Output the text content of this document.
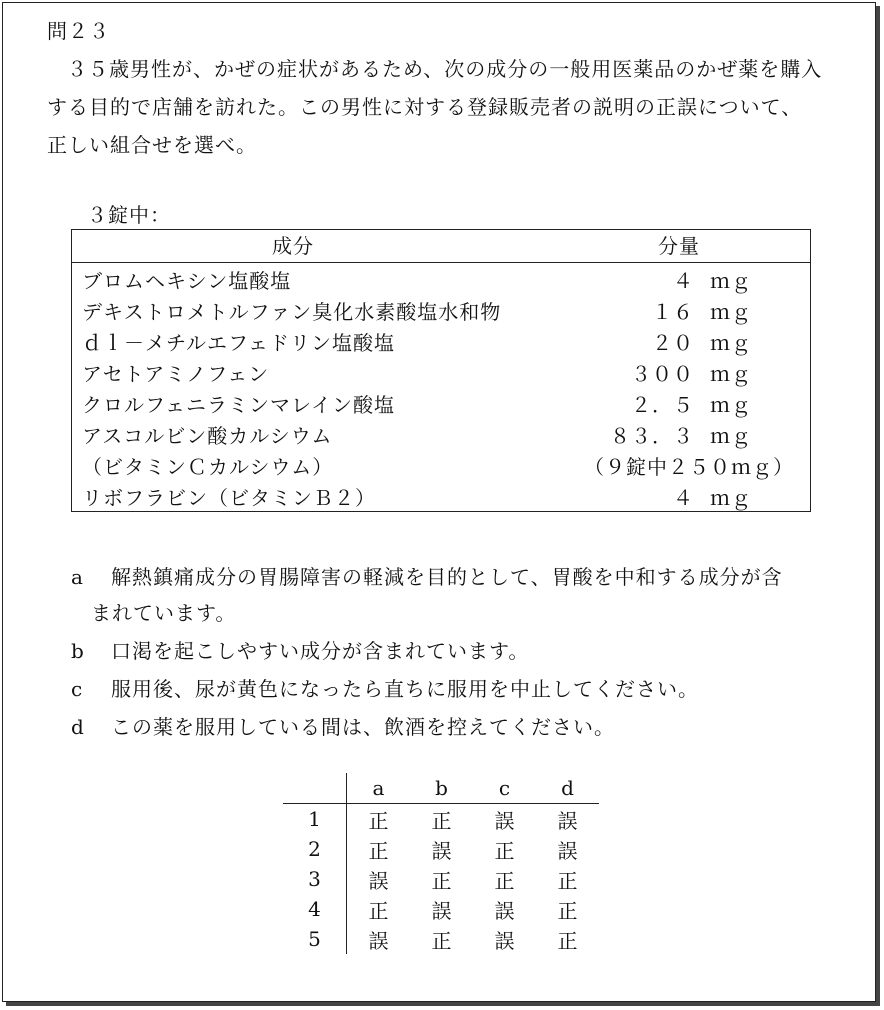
問２３
３５歳男性が、かぜの症状があるため、次の成分の一般用医薬品のかぜ薬を購入
する目的で店舗を訪れた。この男性に対する登録販売者の説明の正誤について、
正しい組合せを選べ。
３錠中：
成分	分量
ブロムヘキシン塩酸塩	４ ｍｇ
デキストロメトルファン臭化水素酸塩水和物	１６ ｍｇ
ｄｌ－メチルエフェドリン塩酸塩	２０ ｍｇ
アセトアミノフェン	３００ ｍｇ
クロルフェニラミンマレイン酸塩	２．５ ｍｇ
アスコルビン酸カルシウム	８３．３ ｍｇ
（ビタミンＣカルシウム）	（９錠中２５０ｍｇ）
リボフラビン（ビタミンＢ２）	４ ｍｇ
a 解熱鎮痛成分の胃腸障害の軽減を目的として、胃酸を中和する成分が含
まれています。
b 口渇を起こしやすい成分が含まれています。
c 服用後、尿が黄色になったら直ちに服用を中止してください。
d この薬を服用している間は、飲酒を控えてください。
	a	b	c	d
1	正	正	誤	誤
2	正	誤	正	誤
3	誤	正	正	正
4	正	誤	誤	正
5	誤	正	誤	正
